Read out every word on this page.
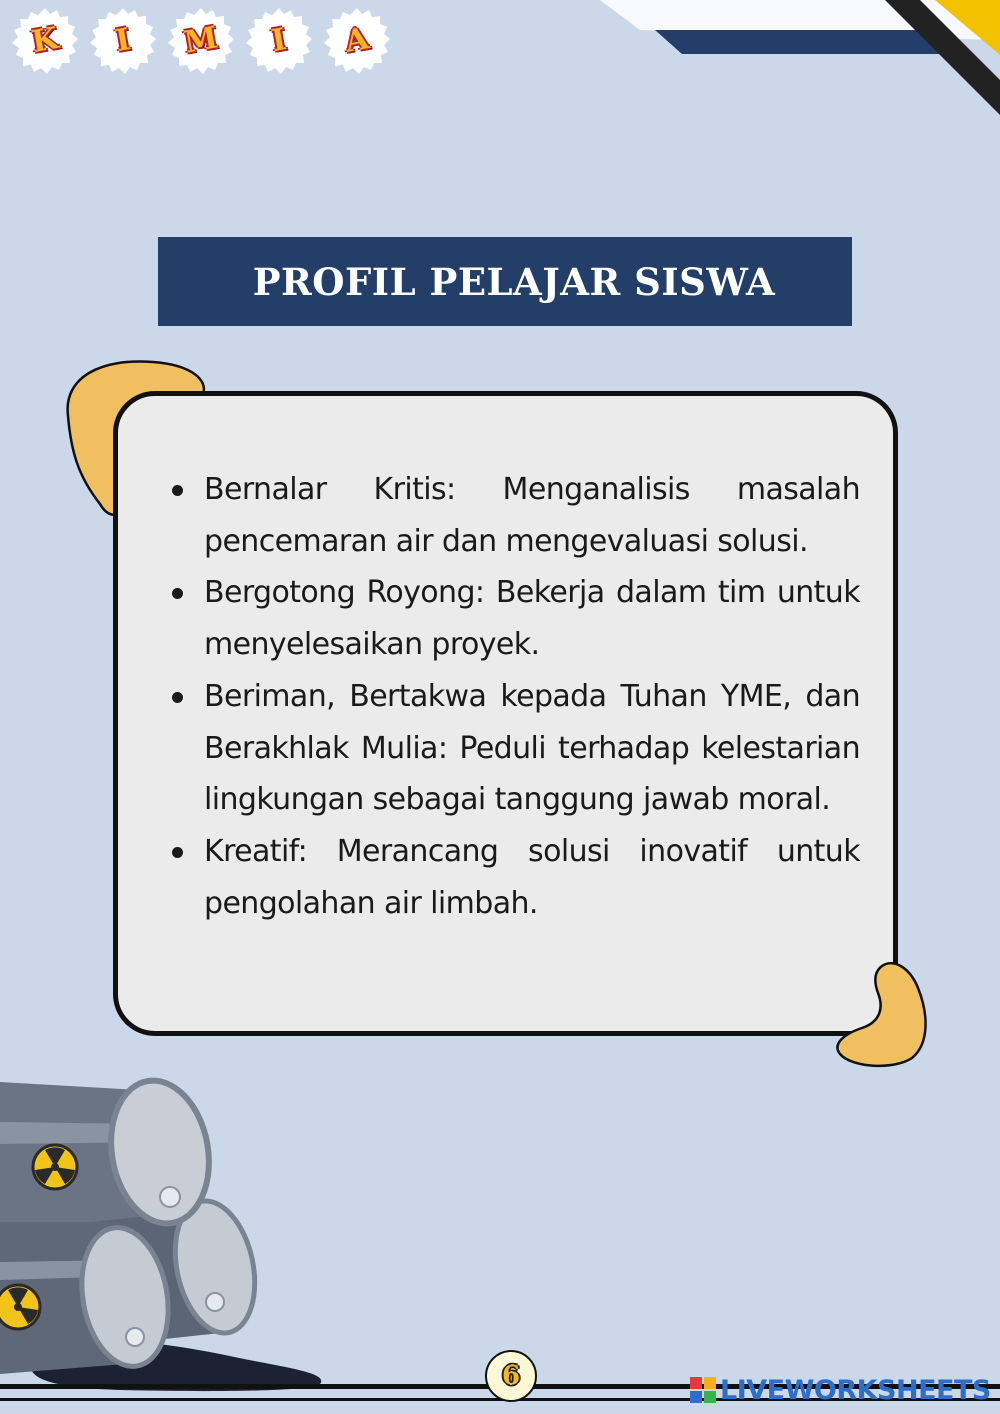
K	I	M	I	A
PROFIL PELAJAR SISWA
Bernalar Kritis: Menganalisis masalah pencemaran air dan mengevaluasi solusi.
Bergotong Royong: Bekerja dalam tim untuk menyelesaikan proyek.
Beriman, Bertakwa kepada Tuhan YME, dan Berakhlak Mulia: Peduli terhadap kelestarian lingkungan sebagai tanggung jawab moral.
Kreatif: Merancang solusi inovatif untuk pengolahan air limbah.
6	LIVEWORKSHEETS
